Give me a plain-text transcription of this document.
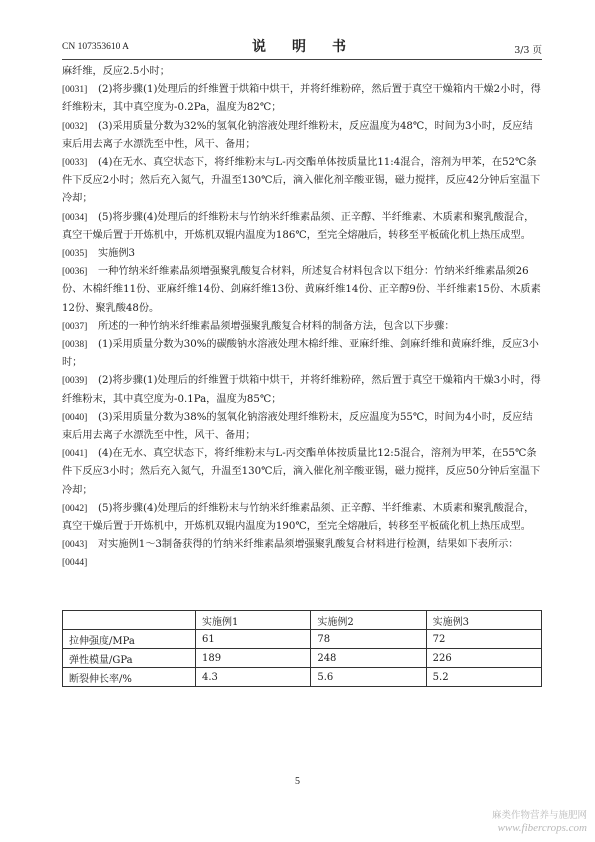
CN 107353610 A	说　明　书	3/3 页
麻纤维，反应2.5小时；
[0031] (2)将步骤(1)处理后的纤维置于烘箱中烘干，并将纤维粉碎，然后置于真空干燥箱内干燥2小时，得纤维粉末，其中真空度为-0.2Pa，温度为82℃；
[0032] (3)采用质量分数为32%的氢氧化钠溶液处理纤维粉末，反应温度为48℃，时间为3小时，反应结束后用去离子水漂洗至中性，风干、备用；
[0033] (4)在无水、真空状态下，将纤维粉末与L-丙交酯单体按质量比11:4混合，溶剂为甲苯，在52℃条件下反应2小时；然后充入氮气，升温至130℃后，滴入催化剂辛酸亚锡，磁力搅拌，反应42分钟后室温下冷却；
[0034] (5)将步骤(4)处理后的纤维粉末与竹纳米纤维素晶须、正辛醇、半纤维素、木质素和聚乳酸混合，真空干燥后置于开炼机中，开炼机双辊内温度为186℃，至完全熔融后，转移至平板硫化机上热压成型。
[0035] 实施例3
[0036] 一种竹纳米纤维素晶须增强聚乳酸复合材料，所述复合材料包含以下组分：竹纳米纤维素晶须26份、木棉纤维11份、亚麻纤维14份、剑麻纤维13份、黄麻纤维14份、正辛醇9份、半纤维素15份、木质素12份、聚乳酸48份。
[0037] 所述的一种竹纳米纤维素晶须增强聚乳酸复合材料的制备方法，包含以下步骤：
[0038] (1)采用质量分数为30%的碳酸钠水溶液处理木棉纤维、亚麻纤维、剑麻纤维和黄麻纤维，反应3小时；
[0039] (2)将步骤(1)处理后的纤维置于烘箱中烘干，并将纤维粉碎，然后置于真空干燥箱内干燥3小时，得纤维粉末，其中真空度为-0.1Pa，温度为85℃；
[0040] (3)采用质量分数为38%的氢氧化钠溶液处理纤维粉末，反应温度为55℃，时间为4小时，反应结束后用去离子水漂洗至中性，风干、备用；
[0041] (4)在无水、真空状态下，将纤维粉末与L-丙交酯单体按质量比12:5混合，溶剂为甲苯，在55℃条件下反应3小时；然后充入氮气，升温至130℃后，滴入催化剂辛酸亚锡，磁力搅拌，反应50分钟后室温下冷却；
[0042] (5)将步骤(4)处理后的纤维粉末与竹纳米纤维素晶须、正辛醇、半纤维素、木质素和聚乳酸混合，真空干燥后置于开炼机中，开炼机双辊内温度为190℃，至完全熔融后，转移至平板硫化机上热压成型。
[0043] 对实施例1～3制备获得的竹纳米纤维素晶须增强聚乳酸复合材料进行检测，结果如下表所示：
[0044]
	实施例1	实施例2	实施例3
拉伸强度/MPa	61	78	72
弹性模量/GPa	189	248	226
断裂伸长率/%	4.3	5.6	5.2
5
麻类作物营养与施肥网
www.fibercrops.com
